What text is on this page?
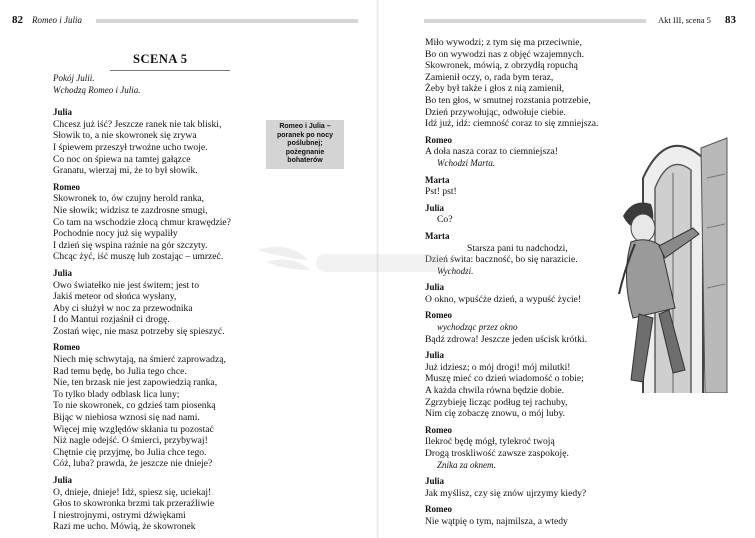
82 Romeo i Julia
SCENA 5
Pokój Julii.
Wchodzą Romeo i Julia.
Julia
Chcesz już iść? Jeszcze ranek nie tak bliski,
Słowik to, a nie skowronek się zrywa
I śpiewem przeszył trwożne ucho twoje.
Co noc on śpiewa na tamtej gałązce
Granatu, wierzaj mi, że to był słowik.
Romeo
Skowronek to, ów czujny herold ranka,
Nie słowik; widzisz te zazdrosne smugi,
Co tam na wschodzie złocą chmur krawędzie?
Pochodnie nocy już się wypaliły
I dzień się wspina raźnie na gór szczyty.
Chcąc żyć, iść muszę lub zostając – umrzeć.
Julia
Owo światełko nie jest świtem; jest to
Jakiś meteor od słońca wysłany,
Aby ci służył w noc za przewodnika
I do Mantui rozjaśnił ci drogę.
Zostań więc, nie masz potrzeby się spieszyć.
Romeo
Niech mię schwytają, na śmierć zaprowadzą,
Rad temu będę, bo Julia tego chce.
Nie, ten brzask nie jest zapowiedzią ranka,
To tylko blady odblask lica luny;
To nie skowronek, co gdzieś tam piosenką
Bijąc w niebiosa wznosi się nad nami.
Więcej mię względów skłania tu pozostać
Niż nagle odejść. O śmierci, przybywaj!
Chętnie cię przyjmę, bo Julia chce tego.
Cóż, luba? prawda, że jeszcze nie dnieje?
Julia
O, dnieje, dnieje! Idź, spiesz się, uciekaj!
Głos to skowronka brzmi tak przeraźliwie
I niestrojnymi, ostrymi dźwiękami
Razi me ucho. Mówią, że skowronek
Romeo i Julia – poranek po nocy poślubnej; pożegnanie bohaterów
Akt III, scena 5 83
Miło wywodzi; z tym się ma przeciwnie,
Bo on wywodzi nas z objęć wzajemnych.
Skowronek, mówią, z obrzydłą ropuchą
Zamienił oczy, o, rada bym teraz,
Żeby był także i głos z nią zamienił,
Bo ten głos, w smutnej rozstania potrzebie,
Dzień przywołując, odwołuje ciebie.
Idź już, idź: ciemność coraz to się zmniejsza.
Romeo
A doła nasza coraz to ciemniejsza!
Wchodzi Marta.
Marta
Pst! pst!
Julia
Co?
Marta
Starsza pani tu nadchodzi,
Dzień świta: baczność, bo się narazicie.
Wychodzi.
Julia
O okno, wpuśćże dzień, a wypuść życie!
Romeo
wychodząc przez okno
Bądź zdrowa! Jeszcze jeden uścisk krótki.
Julia
Już idziesz; o mój drogi! mój milutki!
Muszę mieć co dzień wiadomość o tobie;
A każda chwila równa będzie dobie.
Zgrzybieję licząc podług tej rachuby,
Nim cię zobaczę znowu, o mój luby.
Romeo
Ilekroć będę mógł, tylekroć twoją
Drogą troskliwość zawsze zaspokoję.
Znika za oknem.
Julia
Jak myślisz, czy się znów ujrzymy kiedy?
Romeo
Nie wątpię o tym, najmilsza, a wtedy
